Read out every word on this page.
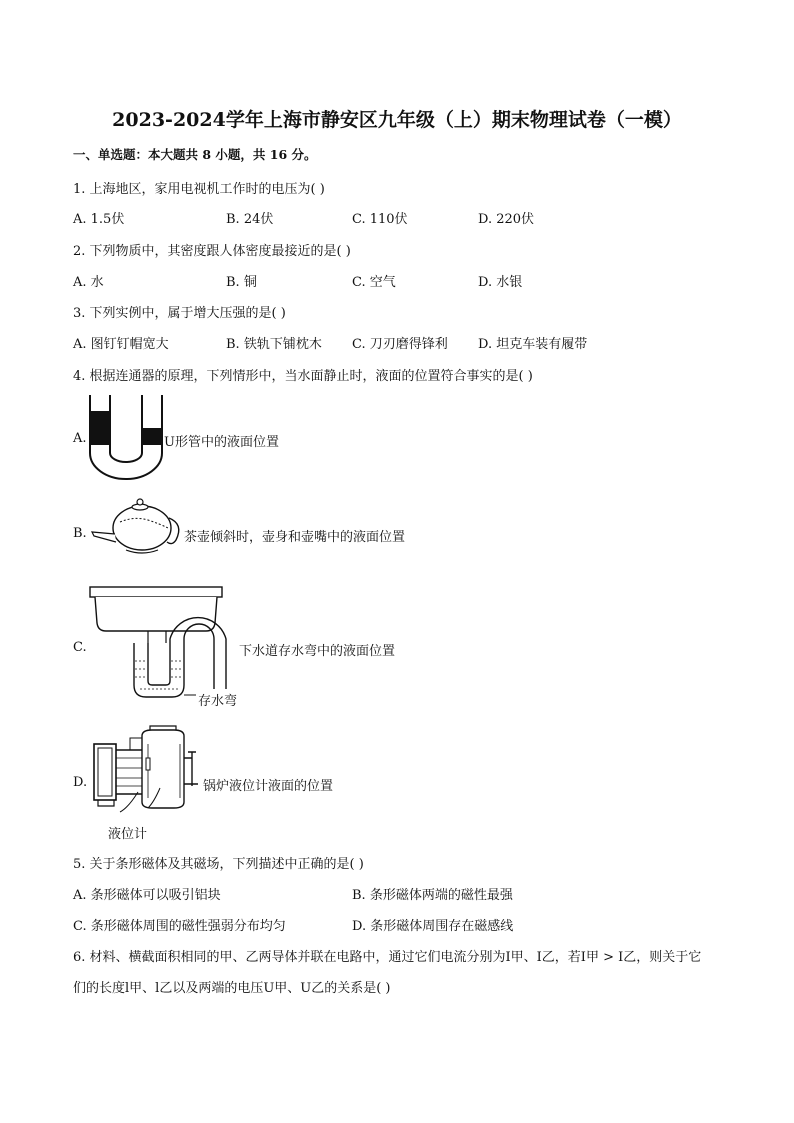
2023-2024学年上海市静安区九年级（上）期末物理试卷（一模）
一、单选题：本大题共 8 小题，共 16 分。
1. 上海地区，家用电视机工作时的电压为( )
A. 1.5伏	B. 24伏	C. 110伏	D. 220伏
2. 下列物质中，其密度跟人体密度最接近的是( )
A. 水	B. 铜	C. 空气	D. 水银
3. 下列实例中，属于增大压强的是( )
A. 图钉钉帽宽大	B. 铁轨下铺枕木 C. 刀刃磨得锋利 D. 坦克车装有履带
4. 根据连通器的原理，下列情形中，当水面静止时，液面的位置符合事实的是( )
A.	U形管中的液面位置
B.	茶壶倾斜时，壶身和壶嘴中的液面位置
C.	下水道存水弯中的液面位置
存水弯
D.	锅炉液位计液面的位置
液位计
5. 关于条形磁体及其磁场，下列描述中正确的是( )
A. 条形磁体可以吸引铝块	B. 条形磁体两端的磁性最强
C. 条形磁体周围的磁性强弱分布均匀	D. 条形磁体周围存在磁感线
6. 材料、横截面积相同的甲、乙两导体并联在电路中，通过它们电流分别为I甲、I乙，若I甲 > I乙，则关于它
们的长度l甲、l乙以及两端的电压U甲、U乙的关系是( )
